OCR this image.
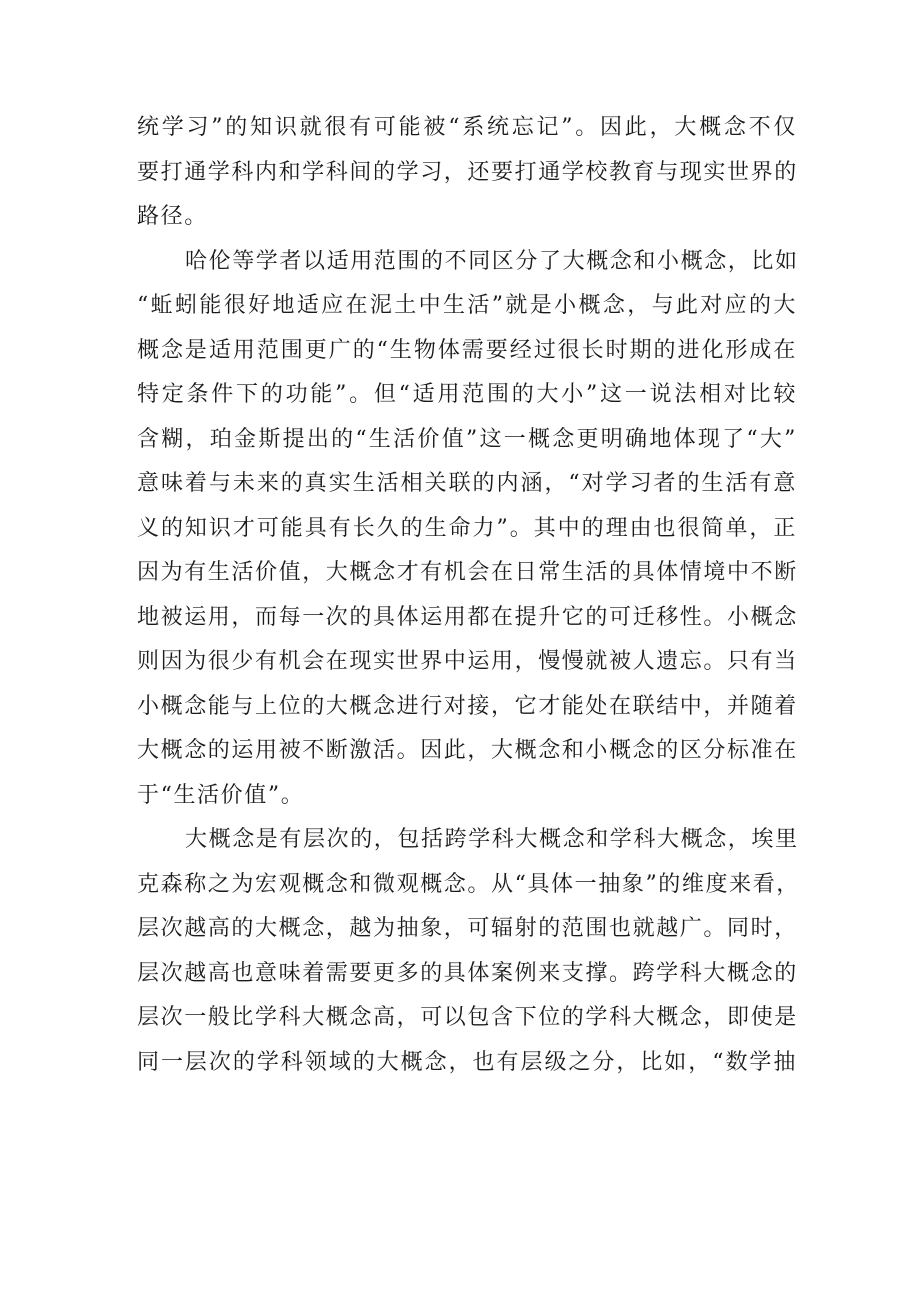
统学习”的知识就很有可能被“系统忘记”。因此，大概念不仅
要打通学科内和学科间的学习，还要打通学校教育与现实世界的
路径。
哈伦等学者以适用范围的不同区分了大概念和小概念，比如
“蚯蚓能很好地适应在泥土中生活”就是小概念，与此对应的大
概念是适用范围更广的“生物体需要经过很长时期的进化形成在
特定条件下的功能”。但“适用范围的大小”这一说法相对比较
含糊，珀金斯提出的“生活价值”这一概念更明确地体现了“大”
意味着与未来的真实生活相关联的内涵，“对学习者的生活有意
义的知识才可能具有长久的生命力”。其中的理由也很简单，正
因为有生活价值，大概念才有机会在日常生活的具体情境中不断
地被运用，而每一次的具体运用都在提升它的可迁移性。小概念
则因为很少有机会在现实世界中运用，慢慢就被人遗忘。只有当
小概念能与上位的大概念进行对接，它才能处在联结中，并随着
大概念的运用被不断激活。因此，大概念和小概念的区分标准在
于“生活价值”。
大概念是有层次的，包括跨学科大概念和学科大概念，埃里
克森称之为宏观概念和微观概念。从“具体一抽象”的维度来看，
层次越高的大概念，越为抽象，可辐射的范围也就越广。同时，
层次越高也意味着需要更多的具体案例来支撑。跨学科大概念的
层次一般比学科大概念高，可以包含下位的学科大概念，即使是
同一层次的学科领域的大概念，也有层级之分，比如，“数学抽
